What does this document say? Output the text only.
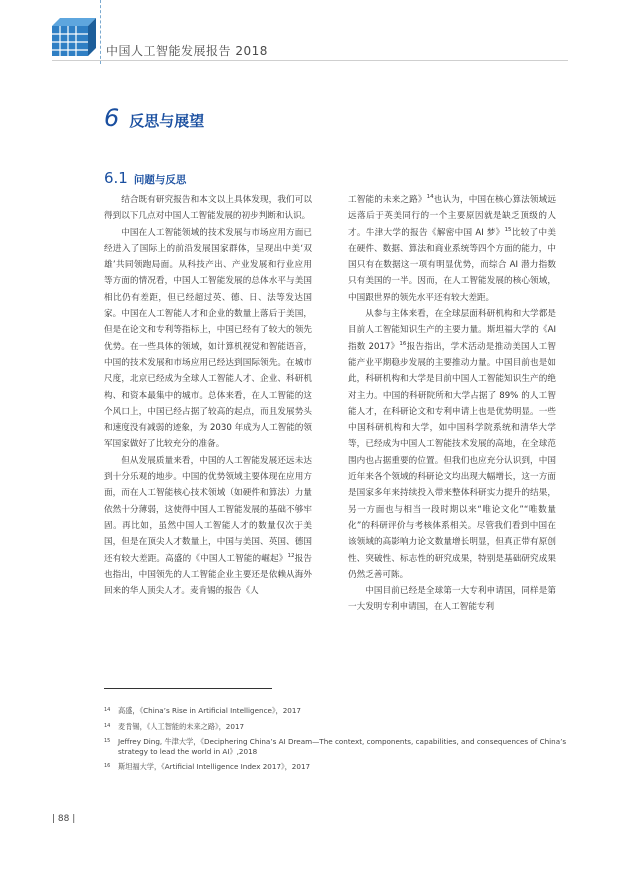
中国人工智能发展报告 2018
6 反思与展望
6.1 问题与反思

结合既有研究报告和本文以上具体发现，我们可以得到以下几点对中国人工智能发展的初步判断和认识。

中国在人工智能领域的技术发展与市场应用方面已经进入了国际上的前沿发展国家群体，呈现出中美‘双雄’共同领跑局面。从科技产出、产业发展和行业应用等方面的情况看，中国人工智能发展的总体水平与美国相比仍有差距，但已经超过英、德、日、法等发达国家。中国在人工智能人才和企业的数量上落后于美国，但是在论文和专利等指标上，中国已经有了较大的领先优势。在一些具体的领域，如计算机视觉和智能语音，中国的技术发展和市场应用已经达到国际领先。在城市尺度，北京已经成为全球人工智能人才、企业、科研机构、和资本最集中的城市。总体来看，在人工智能的这个风口上，中国已经占据了较高的起点，而且发展势头和速度没有减弱的迹象，为 2030 年成为人工智能的领军国家做好了比较充分的准备。

但从发展质量来看，中国的人工智能发展还远未达到十分乐观的地步。中国的优势领域主要体现在应用方面，而在人工智能核心技术领域（如硬件和算法）力量依然十分薄弱，这使得中国人工智能发展的基础不够牢固。再比如，虽然中国人工智能人才的数量仅次于美国，但是在顶尖人才数量上，中国与美国、英国、德国还有较大差距。高盛的《中国人工智能的崛起》$^{12}$报告也指出，中国领先的人工智能企业主要还是依赖从海外回来的华人顶尖人才。麦肯锡的报告《人

工智能的未来之路》$^{14}$也认为，中国在核心算法领域远远落后于英美同行的一个主要原因就是缺乏顶级的人才。牛津大学的报告《解密中国 AI 梦》$^{15}$比较了中美在硬件、数据、算法和商业系统等四个方面的能力，中国只有在数据这一项有明显优势，而综合 AI 潜力指数只有美国的一半。因而，在人工智能发展的核心领域，中国跟世界的领先水平还有较大差距。

从参与主体来看，在全球层面科研机构和大学都是目前人工智能知识生产的主要力量。斯坦福大学的《AI 指数 2017》$^{16}$报告指出，学术活动是推动美国人工智能产业平期稳步发展的主要推动力量。中国目前也是如此，科研机构和大学是目前中国人工智能知识生产的绝对主力。中国的科研院所和大学占据了 89% 的人工智能人才，在科研论文和专利申请上也是优势明显。一些中国科研机构和大学，如中国科学院系统和清华大学等，已经成为中国人工智能技术发展的高地，在全球范围内也占据重要的位置。但我们也应充分认识到，中国近年来各个领域的科研论文均出现大幅增长，这一方面是国家多年来持续投入带来整体科研实力提升的结果，另一方面也与相当一段时期以来“唯论文化”“唯数量化”的科研评价与考核体系相关。尽管我们看到中国在该领域的高影响力论文数量增长明显，但真正带有原创性、突破性、标志性的研究成果，特别是基础研究成果仍然乏善可陈。

中国目前已经是全球第一大专利申请国，同样是第一大发明专利申请国，在人工智能专利

14	高盛，《China’s Rise in Artificial Intelligence》，2017
14	麦肯锡，《人工智能的未来之路》，2017
15	Jeffrey Ding, 牛津大学，《Deciphering China’s AI Dream—The context, components, capabilities, and consequences of China’s strategy to lead the world in AI》,2018
16	斯坦福大学，《Artificial Intelligence Index 2017》，2017
| 88 |
